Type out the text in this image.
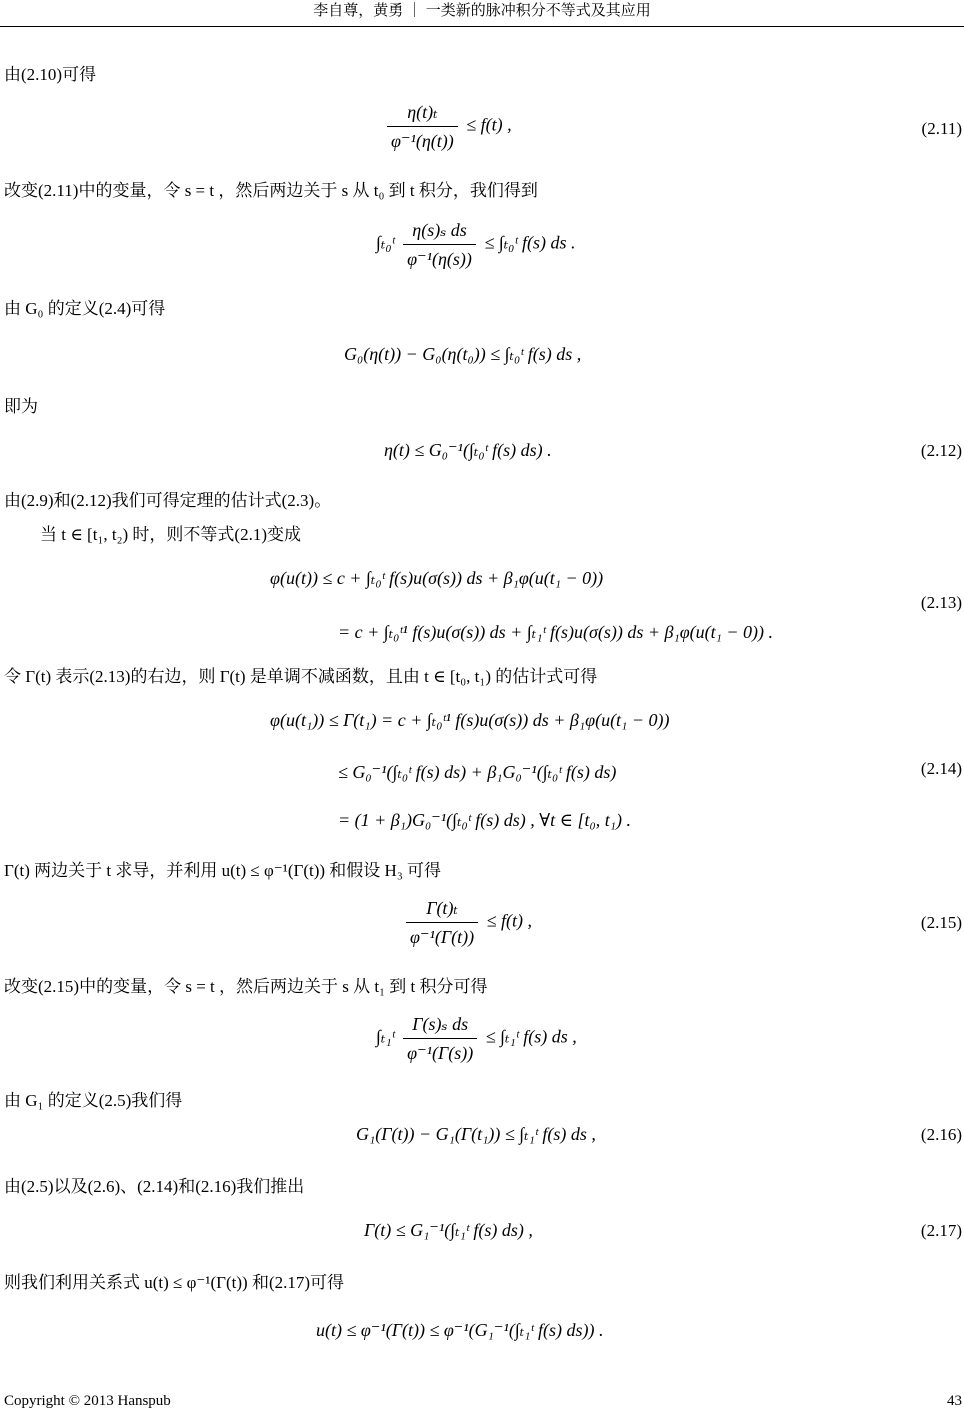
李自尊，黄勇 ｜ 一类新的脉冲积分不等式及其应用
由(2.10)可得
$\frac{\text{η(t)ₜ}}{\text{φ⁻¹(η(t))}} \le f(t)$ ,	(2.11)
改变(2.11)中的变量，令 s = t ，然后两边关于 s 从 t₀ 到 t 积分，我们得到
∫ₜ₀ᵗ $\frac{\text{η(s)ₛ ds}}{\text{φ⁻¹(η(s))}}$ ≤ ∫ₜ₀ᵗ f(s) ds .
由 G₀ 的定义(2.4)可得
G₀(η(t)) − G₀(η(t₀)) ≤ ∫ₜ₀ᵗ f(s) ds ,
即为
η(t) ≤ G₀⁻¹(∫ₜ₀ᵗ f(s) ds) .	(2.12)
由(2.9)和(2.12)我们可得定理的估计式(2.3)。
当 t ∈ [t₁, t₂) 时，则不等式(2.1)变成
φ(u(t)) ≤ c + ∫ₜ₀ᵗ f(s)u(σ(s)) ds + β₁φ(u(t₁ − 0))
= c + ∫ₜ₀ᵗ¹ f(s)u(σ(s)) ds + ∫ₜ₁ᵗ f(s)u(σ(s)) ds + β₁φ(u(t₁ − 0)) .
(2.13)
令 Γ(t) 表示(2.13)的右边，则 Γ(t) 是单调不减函数，且由 t ∈ [t₀, t₁) 的估计式可得
φ(u(t₁)) ≤ Γ(t₁) = c + ∫ₜ₀ᵗ¹ f(s)u(σ(s)) ds + β₁φ(u(t₁ − 0))
≤ G₀⁻¹(∫ₜ₀ᵗ f(s) ds) + β₁G₀⁻¹(∫ₜ₀ᵗ f(s) ds)
= (1 + β₁)G₀⁻¹(∫ₜ₀ᵗ f(s) ds) , ∀t ∈ [t₀, t₁) .
(2.14)
Γ(t) 两边关于 t 求导，并利用 u(t) ≤ φ⁻¹(Γ(t)) 和假设 H₃ 可得
$\frac{\text{Γ(t)ₜ}}{\text{φ⁻¹(Γ(t))}} \le f(t)$ ,	(2.15)
改变(2.15)中的变量，令 s = t ，然后两边关于 s 从 t₁ 到 t 积分可得
∫ₜ₁ᵗ $\frac{\text{Γ(s)ₛ ds}}{\text{φ⁻¹(Γ(s))}}$ ≤ ∫ₜ₁ᵗ f(s) ds ,
由 G₁ 的定义(2.5)我们得
G₁(Γ(t)) − G₁(Γ(t₁)) ≤ ∫ₜ₁ᵗ f(s) ds ,	(2.16)
由(2.5)以及(2.6)、(2.14)和(2.16)我们推出
Γ(t) ≤ G₁⁻¹(∫ₜ₁ᵗ f(s) ds) ,	(2.17)
则我们利用关系式 u(t) ≤ φ⁻¹(Γ(t)) 和(2.17)可得
u(t) ≤ φ⁻¹(Γ(t)) ≤ φ⁻¹(G₁⁻¹(∫ₜ₁ᵗ f(s) ds)) .
Copyright © 2013 Hanspub	43
